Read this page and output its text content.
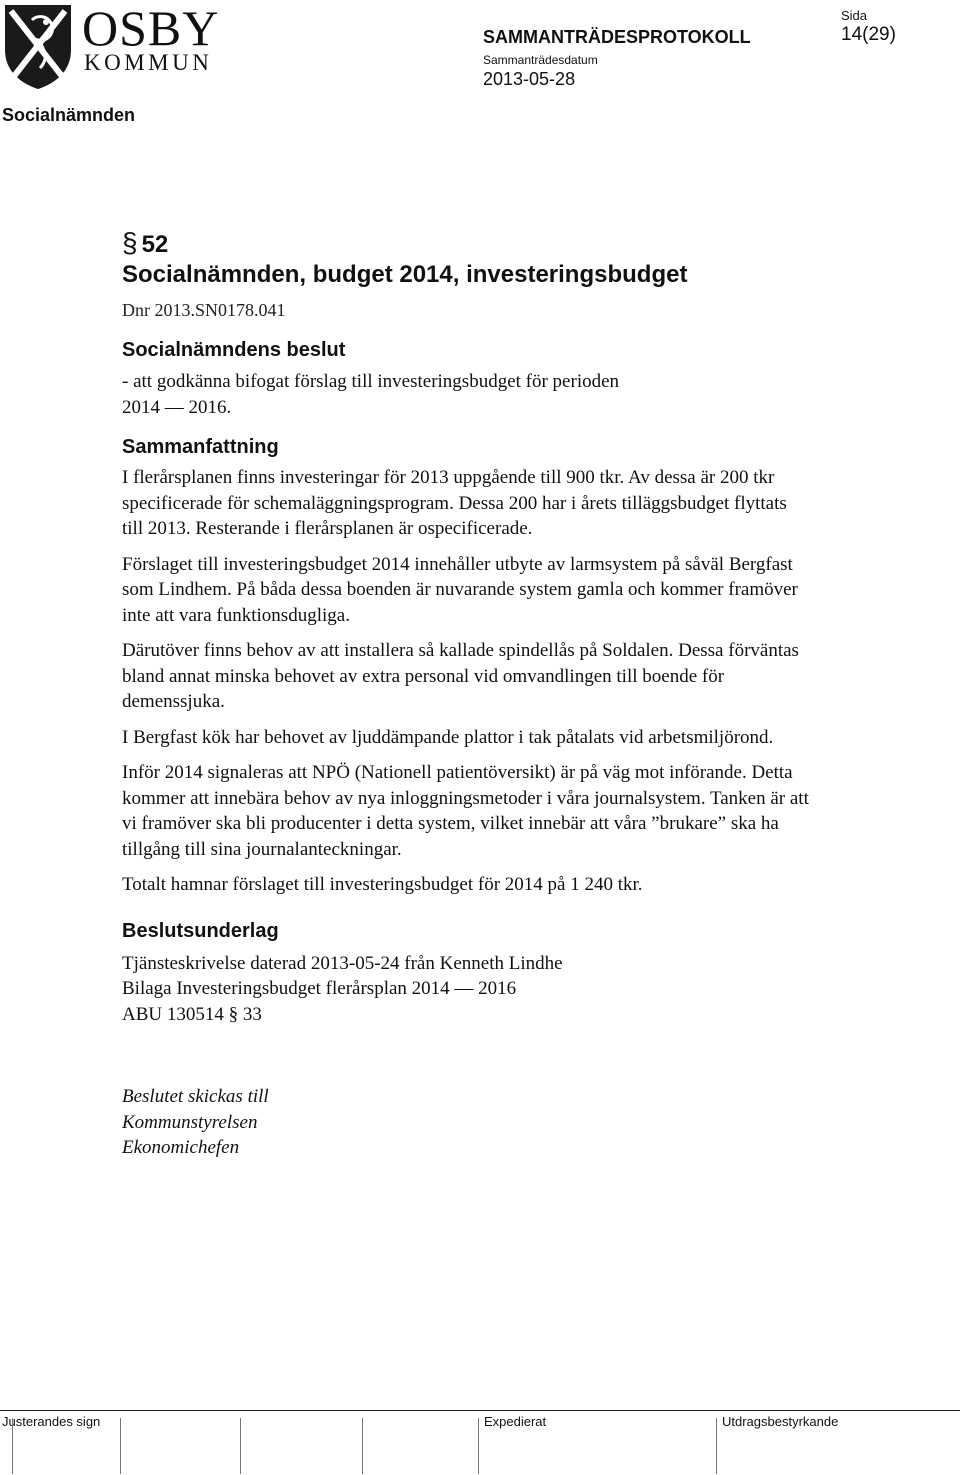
OSBY
KOMMUN
SAMMANTRÄDESPROTOKOLL
Sammanträdesdatum
2013-05-28
Sida
14(29)
Socialnämnden
§ 52
Socialnämnden, budget 2014, investeringsbudget
Dnr 2013.SN0178.041
Socialnämndens beslut

- att godkänna bifogat förslag till investeringsbudget för perioden

2014 — 2016.

Sammanfattning

I flerårsplanen finns investeringar för 2013 uppgående till 900 tkr. Av dessa är 200 tkr specificerade för schemaläggningsprogram. Dessa 200 har i årets tilläggsbudget flyttats till 2013. Resterande i flerårsplanen är ospecificerade.

Förslaget till investeringsbudget 2014 innehåller utbyte av larmsystem på såväl Bergfast som Lindhem. På båda dessa boenden är nuvarande system gamla och kommer framöver inte att vara funktionsdugliga.

Därutöver finns behov av att installera så kallade spindellås på Soldalen. Dessa förväntas bland annat minska behovet av extra personal vid omvandlingen till boende för demenssjuka.

I Bergfast kök har behovet av ljuddämpande plattor i tak påtalats vid arbetsmiljörond.

Inför 2014 signaleras att NPÖ (Nationell patientöversikt) är på väg mot införande. Detta kommer att innebära behov av nya inloggningsmetoder i våra journalsystem. Tanken är att vi framöver ska bli producenter i detta system, vilket innebär att våra ”brukare” ska ha tillgång till sina journalanteckningar.

Totalt hamnar förslaget till investeringsbudget för 2014 på 1 240 tkr.

Beslutsunderlag

Tjänsteskrivelse daterad 2013-05-24 från Kenneth Lindhe

Bilaga Investeringsbudget flerårsplan 2014 — 2016

ABU 130514 § 33

Beslutet skickas till

Kommunstyrelsen

Ekonomichefen

Justerandes sign	Expedierat	Utdragsbestyrkande
